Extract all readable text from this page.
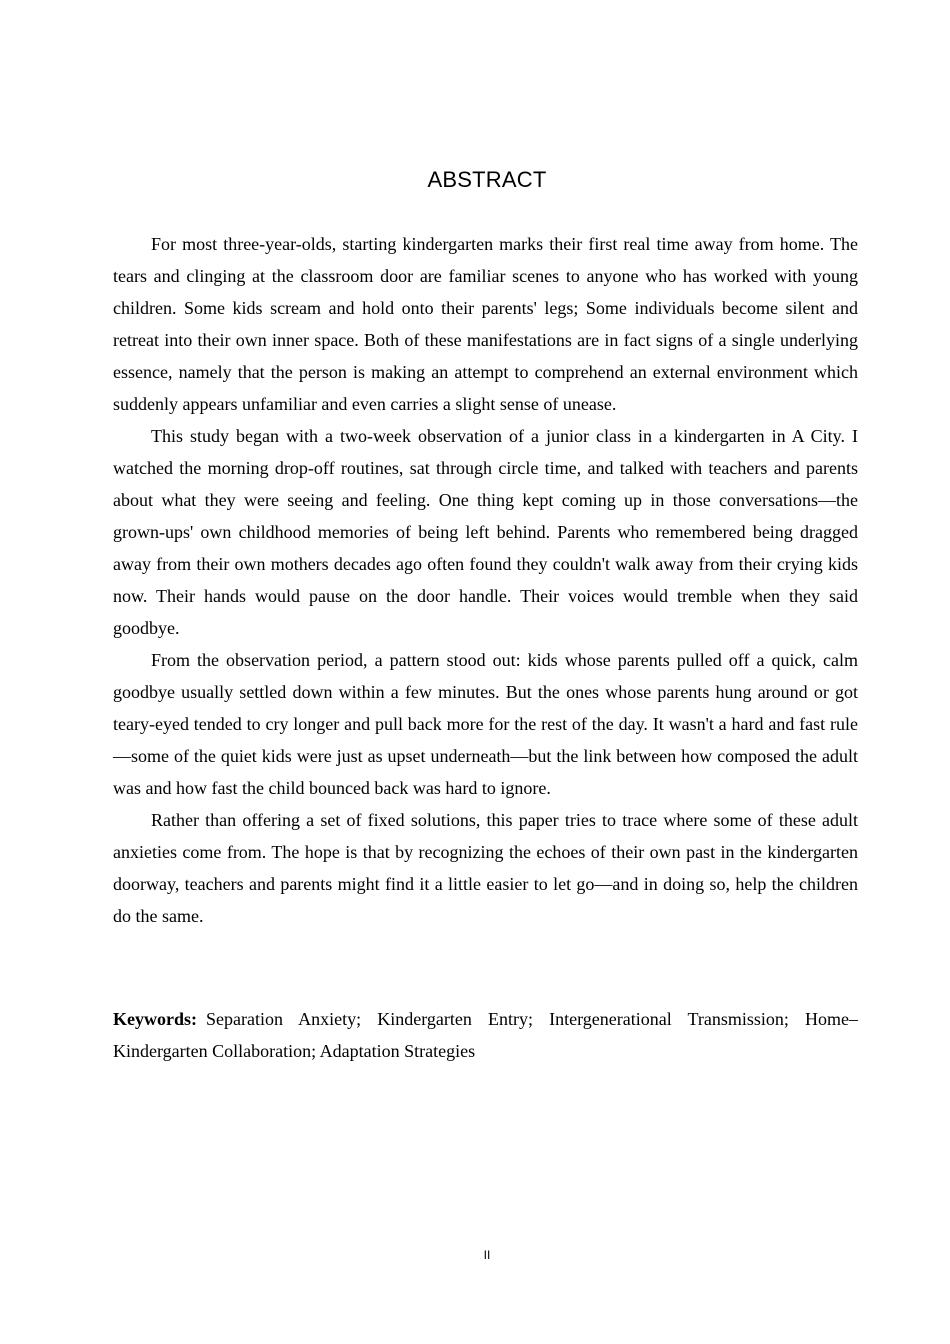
ABSTRACT

For most three-year-olds, starting kindergarten marks their first real time away from home. The tears and clinging at the classroom door are familiar scenes to anyone who has worked with young children. Some kids scream and hold onto their parents' legs; Some individuals become silent and retreat into their own inner space. Both of these manifestations are in fact signs of a single underlying essence, namely that the person is making an attempt to comprehend an external environment which suddenly appears unfamiliar and even carries a slight sense of unease.

This study began with a two-week observation of a junior class in a kindergarten in A City. I watched the morning drop-off routines, sat through circle time, and talked with teachers and parents about what they were seeing and feeling. One thing kept coming up in those conversations—the grown-ups' own childhood memories of being left behind. Parents who remembered being dragged away from their own mothers decades ago often found they couldn't walk away from their crying kids now. Their hands would pause on the door handle. Their voices would tremble when they said goodbye.

From the observation period, a pattern stood out: kids whose parents pulled off a quick, calm goodbye usually settled down within a few minutes. But the ones whose parents hung around or got teary-eyed tended to cry longer and pull back more for the rest of the day. It wasn't a hard and fast rule—some of the quiet kids were just as upset underneath—but the link between how composed the adult was and how fast the child bounced back was hard to ignore.

Rather than offering a set of fixed solutions, this paper tries to trace where some of these adult anxieties come from. The hope is that by recognizing the echoes of their own past in the kindergarten doorway, teachers and parents might find it a little easier to let go—and in doing so, help the children do the same.

Keywords: Separation Anxiety; Kindergarten Entry; Intergenerational Transmission; Home–Kindergarten Collaboration; Adaptation Strategies
II
